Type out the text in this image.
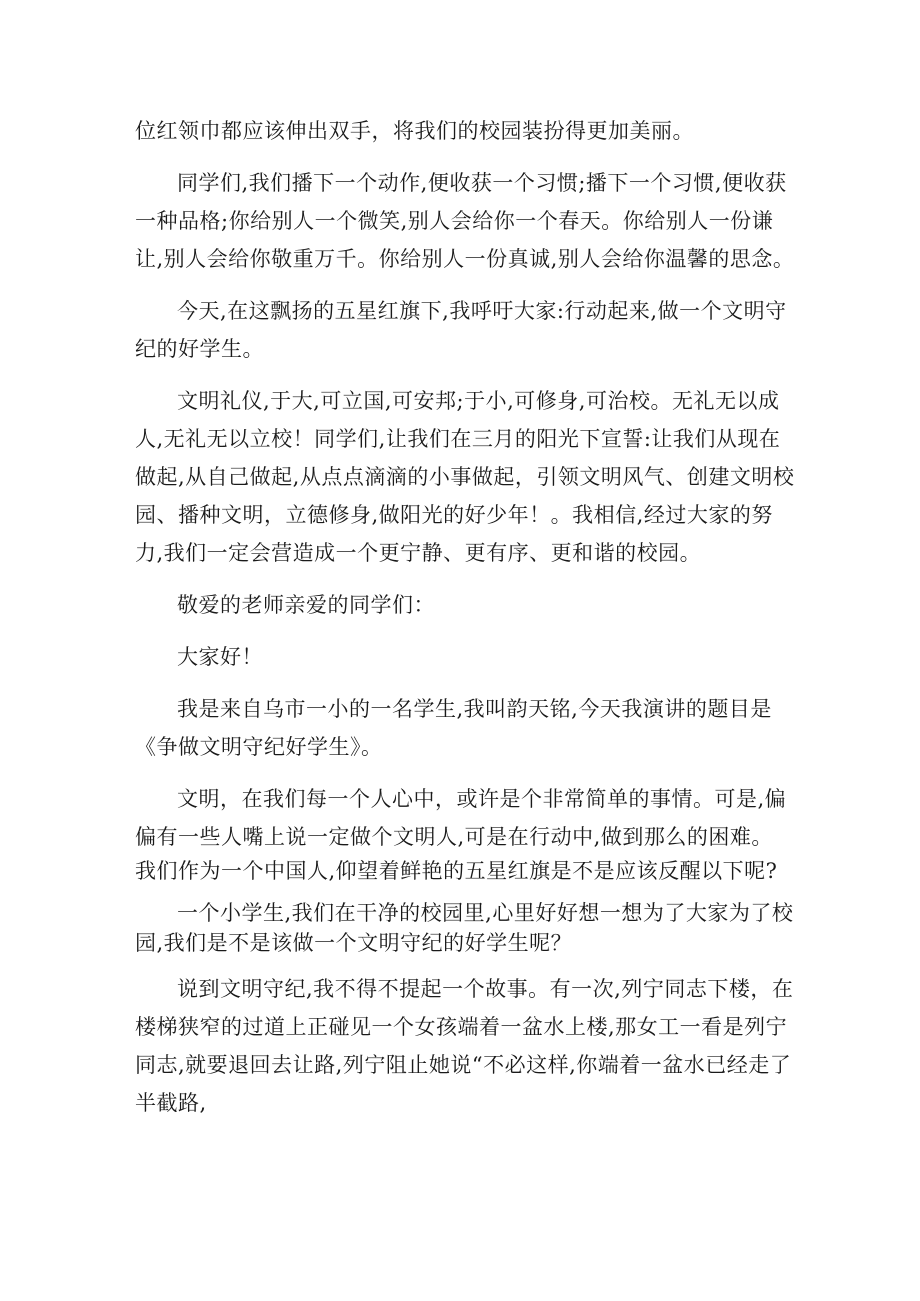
位红领巾都应该伸出双手，将我们的校园装扮得更加美丽。

同学们,我们播下一个动作,便收获一个习惯;播下一个习惯,便收获一种品格;你给别人一个微笑,别人会给你一个春天。你给别人一份谦让,别人会给你敬重万千。你给别人一份真诚,别人会给你温馨的思念。

今天,在这飘扬的五星红旗下,我呼吁大家:行动起来,做一个文明守纪的好学生。

文明礼仪,于大,可立国,可安邦;于小,可修身,可治校。无礼无以成人,无礼无以立校！同学们,让我们在三月的阳光下宣誓:让我们从现在做起,从自己做起,从点点滴滴的小事做起，引领文明风气、创建文明校园、播种文明，立德修身,做阳光的好少年！。我相信,经过大家的努力,我们一定会营造成一个更宁静、更有序、更和谐的校园。

敬爱的老师亲爱的同学们：

大家好！

我是来自乌市一小的一名学生,我叫韵天铭,今天我演讲的题目是《争做文明守纪好学生》。

文明，在我们每一个人心中，或许是个非常简单的事情。可是,偏偏有一些人嘴上说一定做个文明人,可是在行动中,做到那么的困难。

我们作为一个中国人,仰望着鲜艳的五星红旗是不是应该反醒以下呢?

一个小学生,我们在干净的校园里,心里好好想一想为了大家为了校园,我们是不是该做一个文明守纪的好学生呢？

说到文明守纪,我不得不提起一个故事。有一次,列宁同志下楼，在楼梯狭窄的过道上正碰见一个女孩端着一盆水上楼,那女工一看是列宁同志,就要退回去让路,列宁阻止她说“不必这样,你端着一盆水已经走了半截路,
